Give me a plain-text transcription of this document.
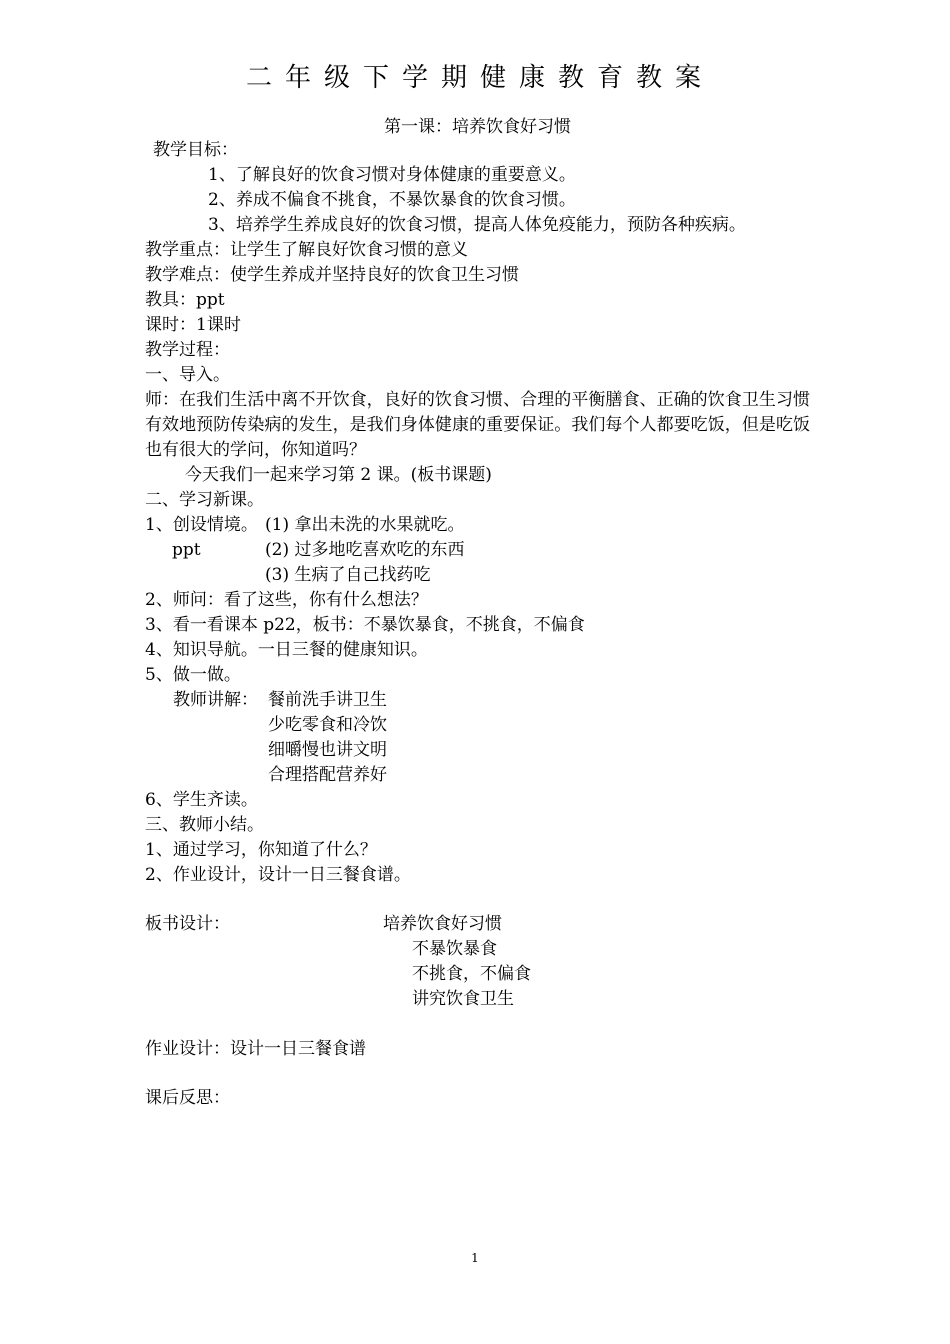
二年级下学期健康教育教案
第一课：培养饮食好习惯
教学目标：
1、了解良好的饮食习惯对身体健康的重要意义。
2、养成不偏食不挑食，不暴饮暴食的饮食习惯。
3、培养学生养成良好的饮食习惯，提高人体免疫能力，预防各种疾病。
教学重点：让学生了解良好饮食习惯的意义
教学难点：使学生养成并坚持良好的饮食卫生习惯
教具：ppt
课时：1课时
教学过程：
一、导入。
师：在我们生活中离不开饮食，良好的饮食习惯、合理的平衡膳食、正确的饮食卫生习惯有效地预防传染病的发生，是我们身体健康的重要保证。我们每个人都要吃饭，但是吃饭也有很大的学问，你知道吗？
今天我们一起来学习第 2 课。(板书课题)
二、学习新课。
1、创设情境。 (1) 拿出未洗的水果就吃。
ppt	(2) 过多地吃喜欢吃的东西
(3) 生病了自己找药吃
2、师问：看了这些，你有什么想法？
3、看一看课本 p22，板书：不暴饮暴食，不挑食，不偏食
4、知识导航。一日三餐的健康知识。
5、做一做。
教师讲解： 餐前洗手讲卫生
少吃零食和冷饮
细嚼慢也讲文明
合理搭配营养好
6、学生齐读。
三、教师小结。
1、通过学习，你知道了什么？
2、作业设计，设计一日三餐食谱。
板书设计：	培养饮食好习惯
不暴饮暴食
不挑食，不偏食
讲究饮食卫生
作业设计：设计一日三餐食谱
课后反思：
1
